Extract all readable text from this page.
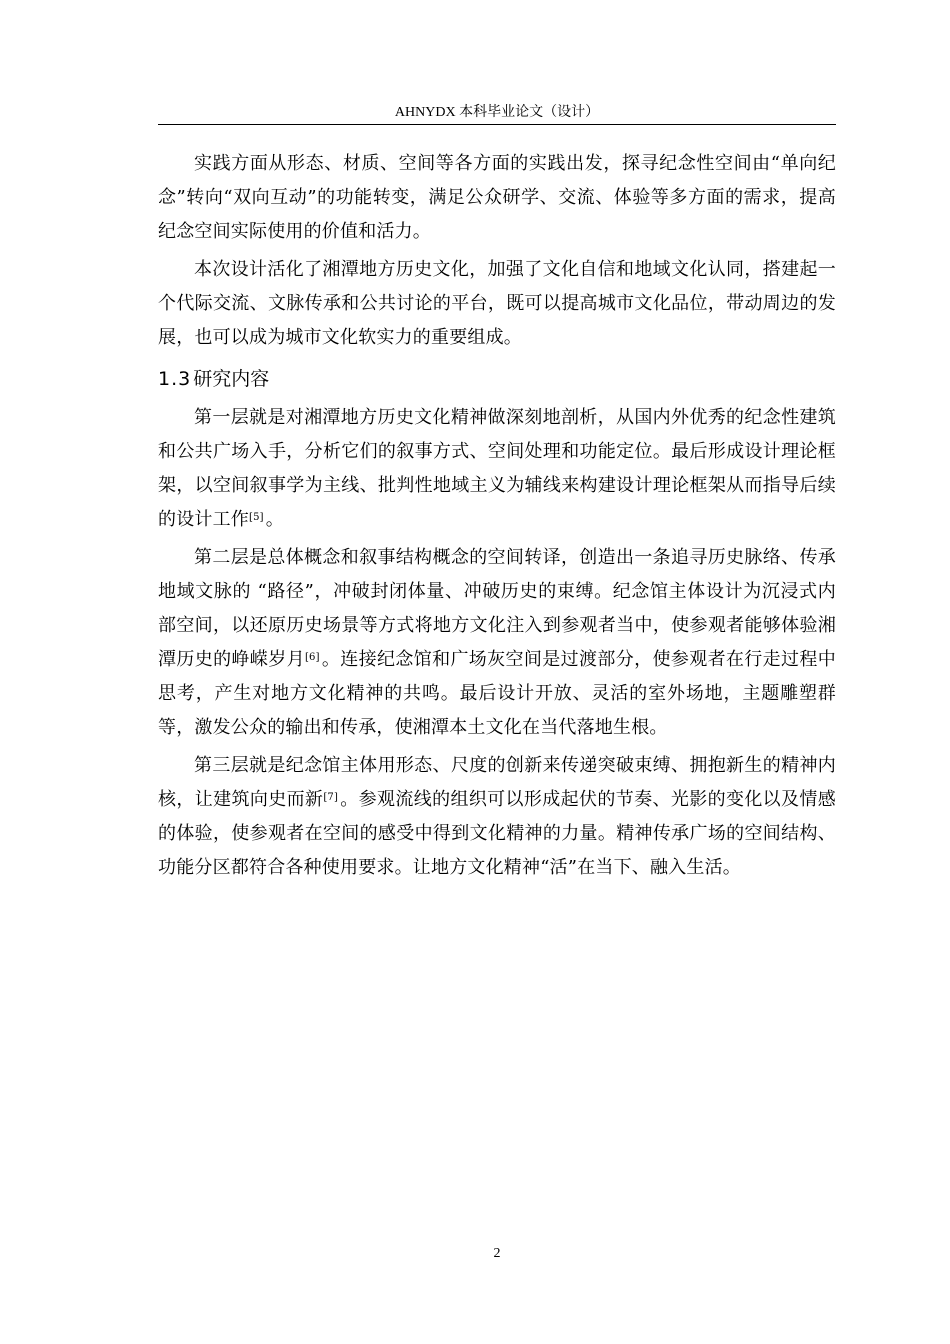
AHNYDX 本科毕业论文（设计）

实践方面从形态、材质、空间等各方面的实践出发，探寻纪念性空间由“单向纪念”转向“双向互动”的功能转变，满足公众研学、交流、体验等多方面的需求，提高纪念空间实际使用的价值和活力。

本次设计活化了湘潭地方历史文化，加强了文化自信和地域文化认同，搭建起一个代际交流、文脉传承和公共讨论的平台，既可以提高城市文化品位，带动周边的发展，也可以成为城市文化软实力的重要组成。

1.3 研究内容

第一层就是对湘潭地方历史文化精神做深刻地剖析，从国内外优秀的纪念性建筑和公共广场入手，分析它们的叙事方式、空间处理和功能定位。最后形成设计理论框架，以空间叙事学为主线、批判性地域主义为辅线来构建设计理论框架从而指导后续的设计工作[5] 。

第二层是总体概念和叙事结构概念的空间转译，创造出一条追寻历史脉络、传承地域文脉的 “路径”，冲破封闭体量、冲破历史的束缚。纪念馆主体设计为沉浸式内部空间，以还原历史场景等方式将地方文化注入到参观者当中，使参观者能够体验湘潭历史的峥嵘岁月[6] 。连接纪念馆和广场灰空间是过渡部分，使参观者在行走过程中思考，产生对地方文化精神的共鸣。最后设计开放、灵活的室外场地，主题雕塑群等，激发公众的输出和传承，使湘潭本土文化在当代落地生根。

第三层就是纪念馆主体用形态、尺度的创新来传递突破束缚、拥抱新生的精神内核，让建筑向史而新[7] 。参观流线的组织可以形成起伏的节奏、光影的变化以及情感的体验，使参观者在空间的感受中得到文化精神的力量。精神传承广场的空间结构、功能分区都符合各种使用要求。让地方文化精神“活”在当下、融入生活。

2
